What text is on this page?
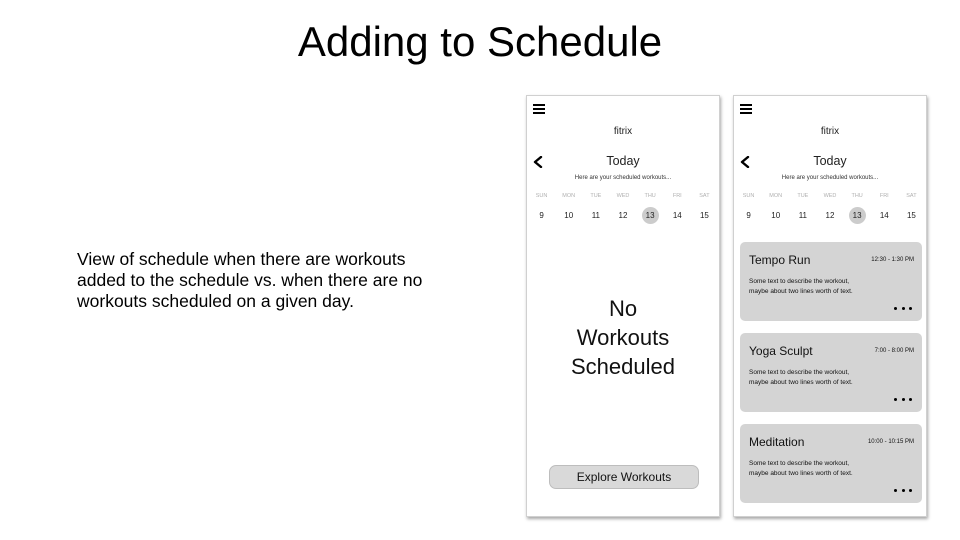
Adding to Schedule
View of schedule when there are workouts added to the schedule vs. when there are no workouts scheduled on a given day.
fitrix
Today
Here are your scheduled workouts...
SUN	MON	TUE	WED	THU	FRI	SAT
9	10	11	12	13	14	15
No
Workouts
Scheduled
Explore Workouts
fitrix
Today
Here are your scheduled workouts...
SUN	MON	TUE	WED	THU	FRI	SAT
9	10	11	12	13	14	15
Tempo Run	12:30 - 1:30 PM
Some text to describe the workout, maybe about two lines worth of text.
Yoga Sculpt	7:00 - 8:00 PM
Some text to describe the workout, maybe about two lines worth of text.
Meditation	10:00 - 10:15 PM
Some text to describe the workout, maybe about two lines worth of text.
